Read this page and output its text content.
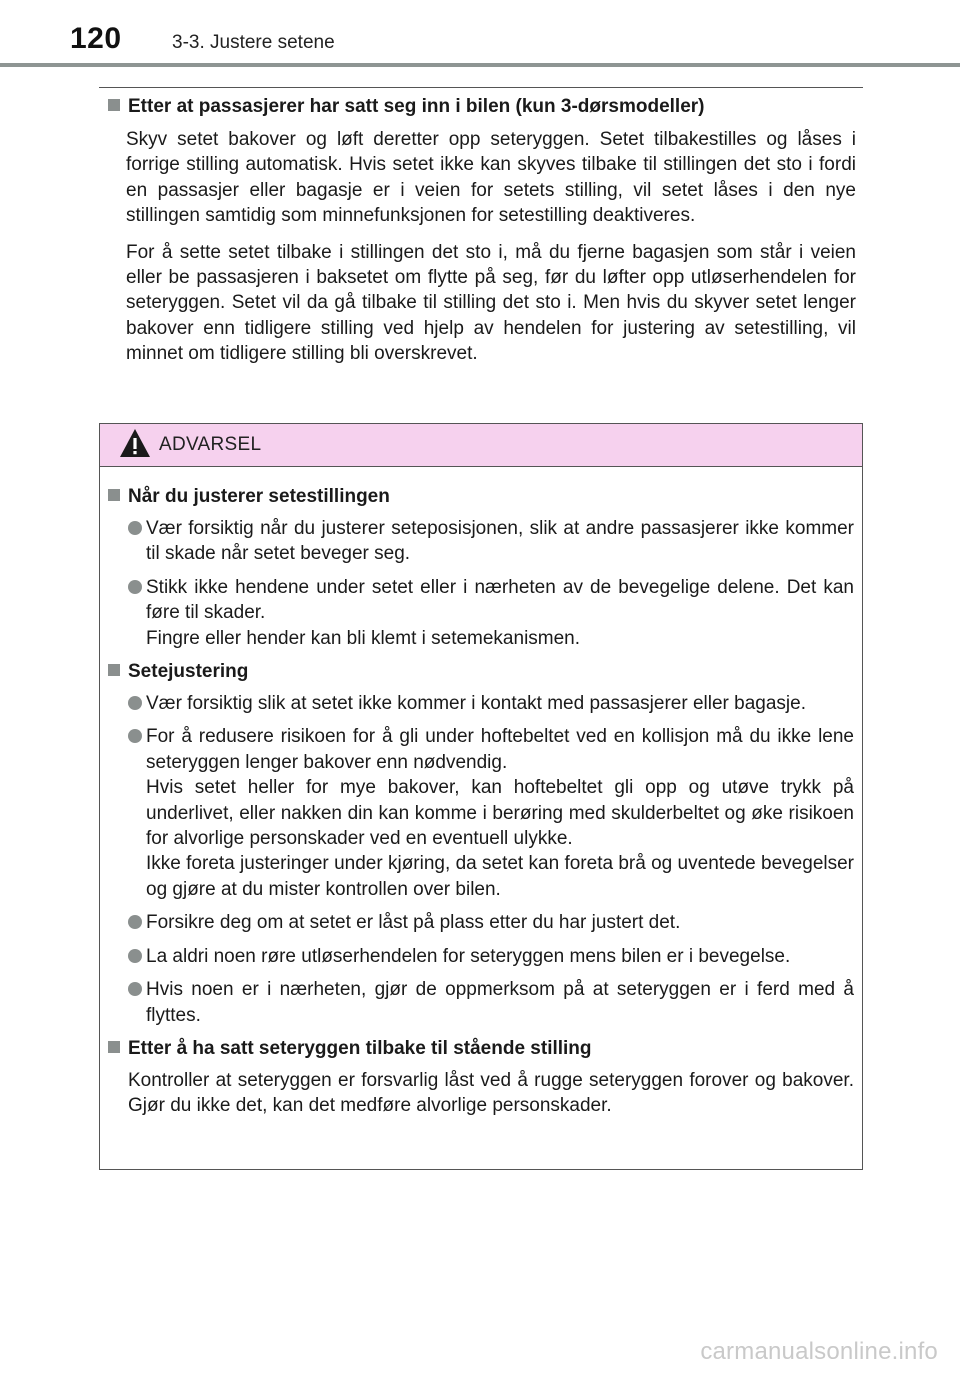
120	3-3. Justere setene

Etter at passasjerer har satt seg inn i bilen (kun 3-dørsmodeller)

Skyv setet bakover og løft deretter opp seteryggen. Setet tilbakestilles og låses i forrige stilling automatisk. Hvis setet ikke kan skyves tilbake til stillingen det sto i fordi en passasjer eller bagasje er i veien for setets stilling, vil setet låses i den nye stillingen samtidig som minnefunksjonen for setestilling deaktiveres.

For å sette setet tilbake i stillingen det sto i, må du fjerne bagasjen som står i veien eller be passasjeren i baksetet om flytte på seg, før du løfter opp utløserhendelen for seteryggen. Setet vil da gå tilbake til stilling det sto i. Men hvis du skyver setet lenger bakover enn tidligere stilling ved hjelp av hendelen for justering av setestilling, vil minnet om tidligere stilling bli overskrevet.

ADVARSEL

Når du justerer setestillingen

Vær forsiktig når du justerer seteposisjonen, slik at andre passasjerer ikke kommer til skade når setet beveger seg.
Stikk ikke hendene under setet eller i nærheten av de bevegelige delene. Det kan føre til skader.
Fingre eller hender kan bli klemt i setemekanismen.

Setejustering

Vær forsiktig slik at setet ikke kommer i kontakt med passasjerer eller bagasje.
For å redusere risikoen for å gli under hoftebeltet ved en kollisjon må du ikke lene seteryggen lenger bakover enn nødvendig.
Hvis setet heller for mye bakover, kan hoftebeltet gli opp og utøve trykk på underlivet, eller nakken din kan komme i berøring med skulderbeltet og øke risikoen for alvorlige personskader ved en eventuell ulykke.
Ikke foreta justeringer under kjøring, da setet kan foreta brå og uventede bevegelser og gjøre at du mister kontrollen over bilen.
Forsikre deg om at setet er låst på plass etter du har justert det.
La aldri noen røre utløserhendelen for seteryggen mens bilen er i bevegelse.
Hvis noen er i nærheten, gjør de oppmerksom på at seteryggen er i ferd med å flyttes.

Etter å ha satt seteryggen tilbake til stående stilling

Kontroller at seteryggen er forsvarlig låst ved å rugge seteryggen forover og bakover. Gjør du ikke det, kan det medføre alvorlige personskader.
carmanualsonline.info
